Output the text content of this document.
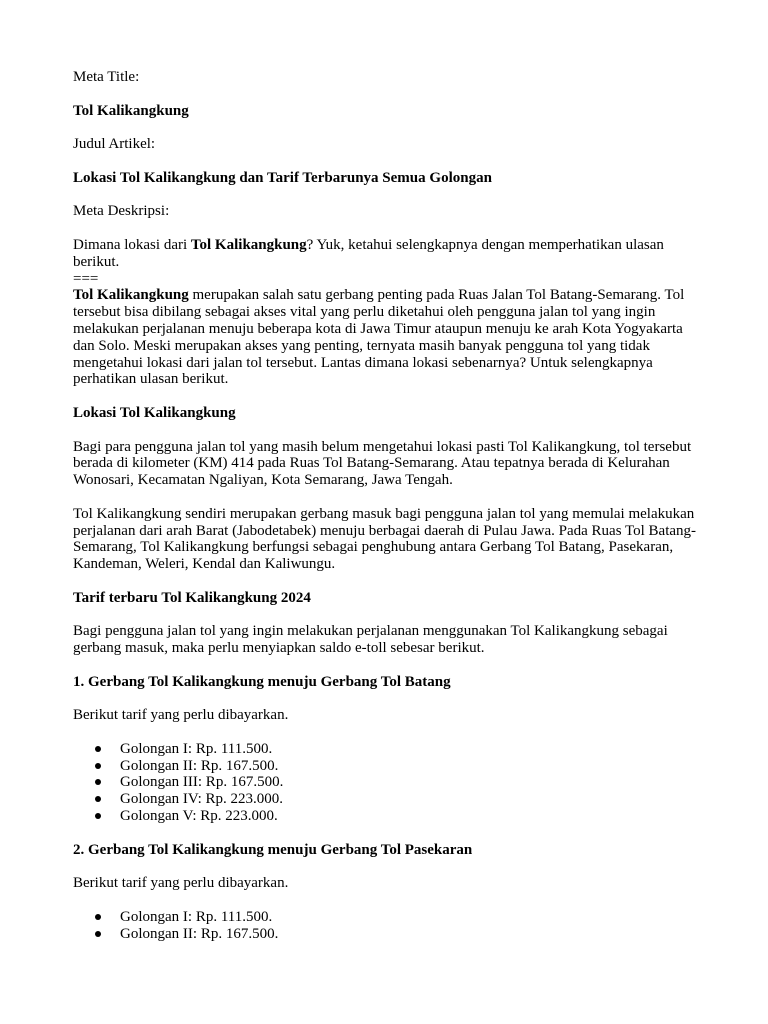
Meta Title:

Tol Kalikangkung

Judul Artikel:

Lokasi Tol Kalikangkung dan Tarif Terbarunya Semua Golongan

Meta Deskripsi:

Dimana lokasi dari Tol Kalikangkung? Yuk, ketahui selengkapnya dengan memperhatikan ulasan berikut.

===

Tol Kalikangkung merupakan salah satu gerbang penting pada Ruas Jalan Tol Batang-Semarang. Tol tersebut bisa dibilang sebagai akses vital yang perlu diketahui oleh pengguna jalan tol yang ingin melakukan perjalanan menuju beberapa kota di Jawa Timur ataupun menuju ke arah Kota Yogyakarta dan Solo. Meski merupakan akses yang penting, ternyata masih banyak pengguna tol yang tidak mengetahui lokasi dari jalan tol tersebut. Lantas dimana lokasi sebenarnya? Untuk selengkapnya perhatikan ulasan berikut.

Lokasi Tol Kalikangkung

Bagi para pengguna jalan tol yang masih belum mengetahui lokasi pasti Tol Kalikangkung, tol tersebut berada di kilometer (KM) 414 pada Ruas Tol Batang-Semarang. Atau tepatnya berada di Kelurahan Wonosari, Kecamatan Ngaliyan, Kota Semarang, Jawa Tengah.

Tol Kalikangkung sendiri merupakan gerbang masuk bagi pengguna jalan tol yang memulai melakukan perjalanan dari arah Barat (Jabodetabek) menuju berbagai daerah di Pulau Jawa. Pada Ruas Tol Batang-Semarang, Tol Kalikangkung berfungsi sebagai penghubung antara Gerbang Tol Batang, Pasekaran, Kandeman, Weleri, Kendal dan Kaliwungu.

Tarif terbaru Tol Kalikangkung 2024

Bagi pengguna jalan tol yang ingin melakukan perjalanan menggunakan Tol Kalikangkung sebagai gerbang masuk, maka perlu menyiapkan saldo e-toll sebesar berikut.

1. Gerbang Tol Kalikangkung menuju Gerbang Tol Batang

Berikut tarif yang perlu dibayarkan.

Golongan I: Rp. 111.500.
Golongan II: Rp. 167.500.
Golongan III: Rp. 167.500.
Golongan IV: Rp. 223.000.
Golongan V: Rp. 223.000.

2. Gerbang Tol Kalikangkung menuju Gerbang Tol Pasekaran

Berikut tarif yang perlu dibayarkan.

Golongan I: Rp. 111.500.
Golongan II: Rp. 167.500.
